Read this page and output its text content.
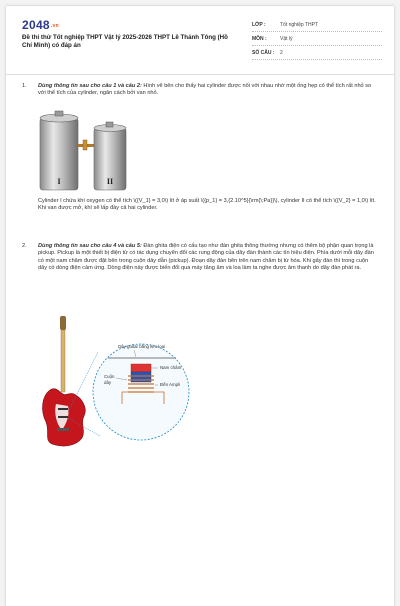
2048.vn
Đề thi thử Tốt nghiệp THPT Vật lý 2025-2026 THPT Lê Thánh Tông (Hồ Chí Minh) có đáp án
LỚP :	Tốt nghiệp THPT
MÔN :	Vật lý
SỐ CÂU :	2
1. Dùng thông tin sau cho câu 1 và câu 2: Hình vẽ bên cho thấy hai cylinder được nối với nhau nhờ một ống hẹp có thể tích rất nhỏ so với thể tích của cylinder, ngăn cách bởi van nhỏ.
I	II
Cylinder I chứa khí oxygen có thể tích \({V_1} = 3,0\) lít ở áp suất \({p_1} = 3,{2.10^5}{\rm{\;Pa}}\), cylinder II có thể tích \({V_2} = 1,0\) lít. Khi van được mở, khí sẽ lấp đầy cả hai cylinder.
2. Dùng thông tin sau cho câu 4 và câu 5: Đàn ghita điện có cấu tạo như đàn ghita thông thường nhưng có thêm bộ phận quan trọng là pickup. Pickup là một thiết bị điện từ có tác dụng chuyển đổi các rung động của dây đàn thành các tín hiệu điện. Phía dưới mỗi dây đàn có một nam châm được đặt bên trong cuộn dây dẫn (pickup). Đoạn dây đàn bên trên nam châm bị từ hóa. Khi gảy đàn thì trong cuộn dây có dòng điện cảm ứng. Dòng điện này được biến đổi qua máy tăng âm và loa làm ta nghe được âm thanh do dây đàn phát ra.
Dây guitar bằng kim loại
Nam châm
Đến Ampli
Cuộn
dây
